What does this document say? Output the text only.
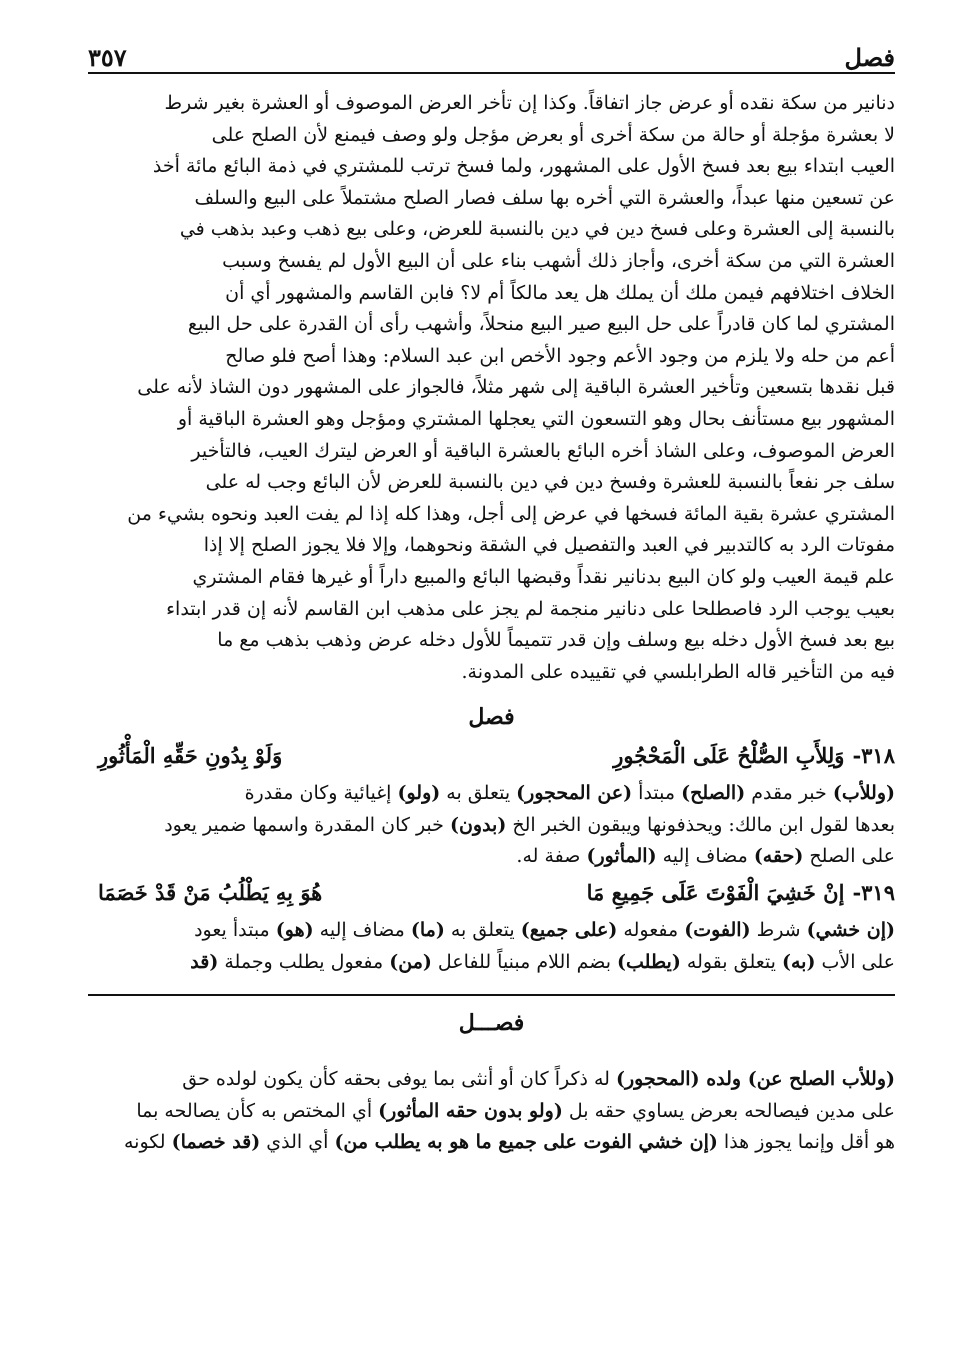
فصل
٣٥٧

دنانير من سكة نقده أو عرض جاز اتفاقاً. وكذا إن تأخر العرض الموصوف أو العشرة بغير شرط

لا بعشرة مؤجلة أو حالة من سكة أخرى أو بعرض مؤجل ولو وصف فيمنع لأن الصلح على

العيب ابتداء بيع بعد فسخ الأول على المشهور، ولما فسخ ترتب للمشتري في ذمة البائع مائة أخذ

عن تسعين منها عبداً، والعشرة التي أخره بها سلف فصار الصلح مشتملاً على البيع والسلف

بالنسبة إلى العشرة وعلى فسخ دين في دين بالنسبة للعرض، وعلى بيع ذهب وعبد بذهب في

العشرة التي من سكة أخرى، وأجاز ذلك أشهب بناء على أن البيع الأول لم يفسخ وسبب

الخلاف اختلافهم فيمن ملك أن يملك هل يعد مالكاً أم لا؟ فابن القاسم والمشهور أي أن

المشتري لما كان قادراً على حل البيع صير البيع منحلاً، وأشهب رأى أن القدرة على حل البيع

أعم من حله ولا يلزم من وجود الأعم وجود الأخص ابن عبد السلام: وهذا أصح فلو صالح

قبل نقدها بتسعين وتأخير العشرة الباقية إلى شهر مثلاً، فالجواز على المشهور دون الشاذ لأنه على

المشهور بيع مستأنف بحال وهو التسعون التي يعجلها المشتري ومؤجل وهو العشرة الباقية أو

العرض الموصوف، وعلى الشاذ أخره البائع بالعشرة الباقية أو العرض ليترك العيب، فالتأخير

سلف جر نفعاً بالنسبة للعشرة وفسخ دين في دين بالنسبة للعرض لأن البائع وجب له على

المشتري عشرة بقية المائة فسخها في عرض إلى أجل، وهذا كله إذا لم يفت العبد ونحوه بشيء من

مفوتات الرد به كالتدبير في العبد والتفصيل في الشقة ونحوهما، وإلا فلا يجوز الصلح إلا إذا

علم قيمة العيب ولو كان البيع بدنانير نقداً وقبضها البائع والمبيع داراً أو غيرها فقام المشتري

بعيب يوجب الرد فاصطلحا على دنانير منجمة لم يجز على مذهب ابن القاسم لأنه إن قدر ابتداء

بيع بعد فسخ الأول دخله بيع وسلف وإن قدر تتميماً للأول دخله عرض وذهب بذهب مع ما

فيه من التأخير قاله الطرابلسي في تقييده على المدونة.

فصل
٣١٨-
وَلِلأَبِ الصُّلْحُ عَلَى الْمَحْجُورِ
وَلَوْ بِدُونِ حَقِّهِ الْمَأْثُورِ

(وللأب) خبر مقدم (الصلح) مبتدأ (عن المحجور) يتعلق به (ولو) إغيائية وكان مقدرة

بعدها لقول ابن مالك: ويحذفونها ويبقون الخبر الخ (بدون) خبر كان المقدرة واسمها ضمير يعود

على الصلح (حقه) مضاف إليه (المأثور) صفة له.

٣١٩-
إنْ خَشِيَ الْفَوْتَ عَلَى جَمِيعِ مَا
هُوَ بِهِ يَطْلُبُ مَنْ قَدْ خَصَمَا

(إن خشي) شرط (الفوت) مفعوله (على جميع) يتعلق به (ما) مضاف إليه (هو) مبتدأ يعود

على الأب (به) يتعلق بقوله (يطلب) بضم اللام مبنياً للفاعل (من) مفعول يطلب وجملة (قد

فصـــل

(وللأب الصلح عن) ولده (المحجور) له ذكراً كان أو أنثى بما يوفى بحقه كأن يكون لولده حق

على مدين فيصالحه بعرض يساوي حقه بل (ولو بدون حقه المأثور) أي المختص به كأن يصالحه بما

هو أقل وإنما يجوز هذا (إن خشي الفوت على جميع ما هو به يطلب من) أي الذي (قد خصما) لكونه
